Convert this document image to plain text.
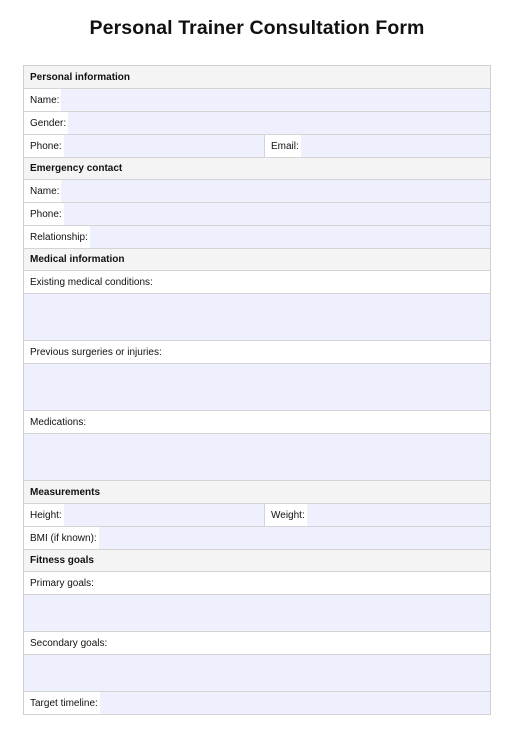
Personal Trainer Consultation Form
Personal information
Name:
Gender:
Phone:	Email:
Emergency contact
Name:
Phone:
Relationship:
Medical information
Existing medical conditions:
Previous surgeries or injuries:
Medications:
Measurements
Height:	Weight:
BMI (if known):
Fitness goals
Primary goals:
Secondary goals:
Target timeline:
